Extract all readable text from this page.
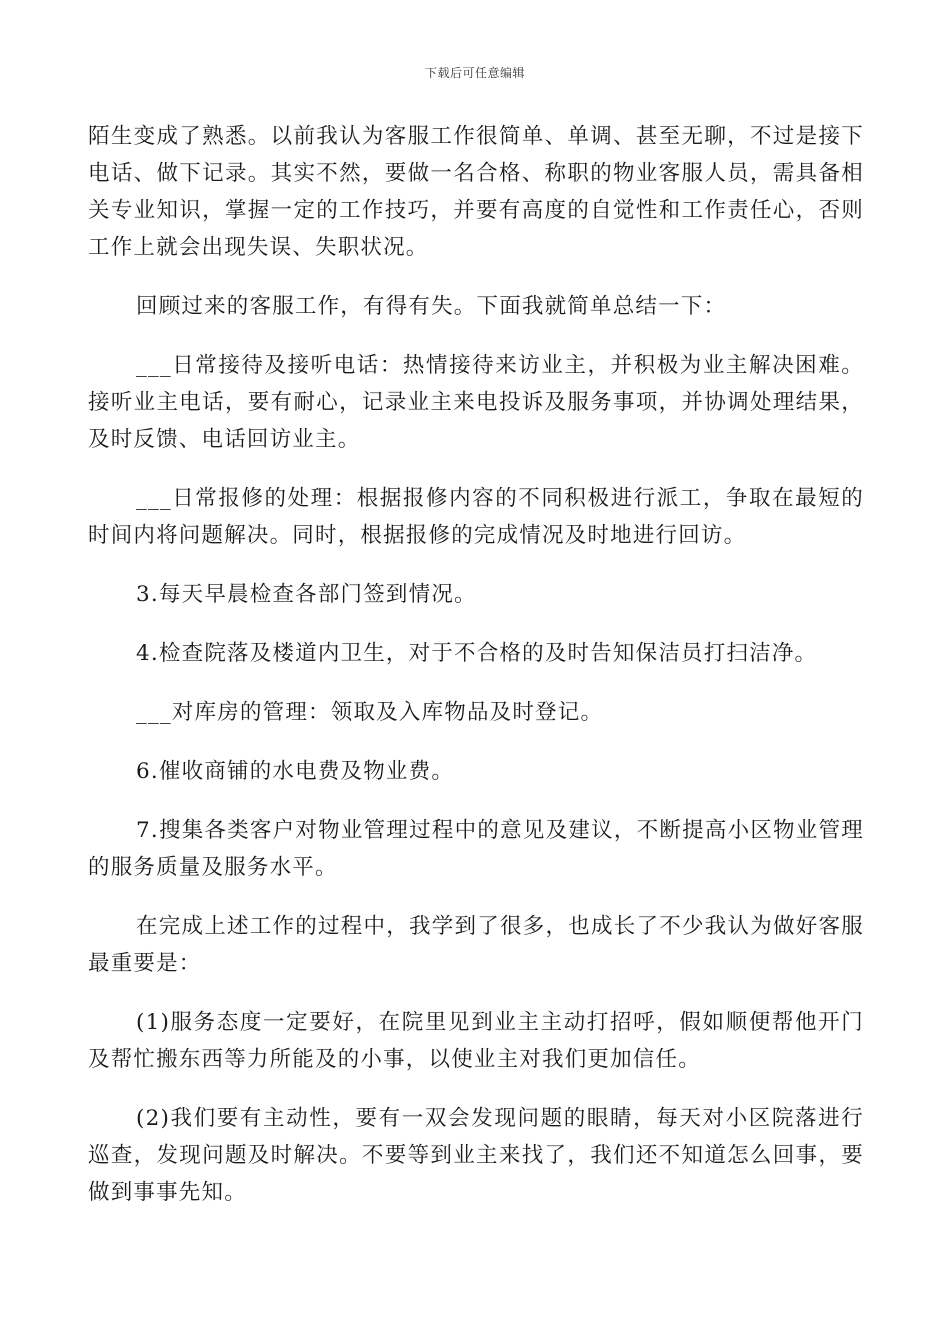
下载后可任意编辑

陌生变成了熟悉。以前我认为客服工作很简单、单调、甚至无聊，不过是接下电话、做下记录。其实不然，要做一名合格、称职的物业客服人员，需具备相关专业知识，掌握一定的工作技巧，并要有高度的自觉性和工作责任心，否则工作上就会出现失误、失职状况。

回顾过来的客服工作，有得有失。下面我就简单总结一下：

___日常接待及接听电话：热情接待来访业主，并积极为业主解决困难。接听业主电话，要有耐心，记录业主来电投诉及服务事项，并协调处理结果，及时反馈、电话回访业主。

___日常报修的处理：根据报修内容的不同积极进行派工，争取在最短的时间内将问题解决。同时，根据报修的完成情况及时地进行回访。

3.每天早晨检查各部门签到情况。

4.检查院落及楼道内卫生，对于不合格的及时告知保洁员打扫洁净。

___对库房的管理：领取及入库物品及时登记。

6.催收商铺的水电费及物业费。

7.搜集各类客户对物业管理过程中的意见及建议，不断提高小区物业管理的服务质量及服务水平。

在完成上述工作的过程中，我学到了很多，也成长了不少我认为做好客服最重要是：

(1)服务态度一定要好，在院里见到业主主动打招呼，假如顺便帮他开门及帮忙搬东西等力所能及的小事，以使业主对我们更加信任。

(2)我们要有主动性，要有一双会发现问题的眼睛，每天对小区院落进行巡查，发现问题及时解决。不要等到业主来找了，我们还不知道怎么回事，要做到事事先知。
